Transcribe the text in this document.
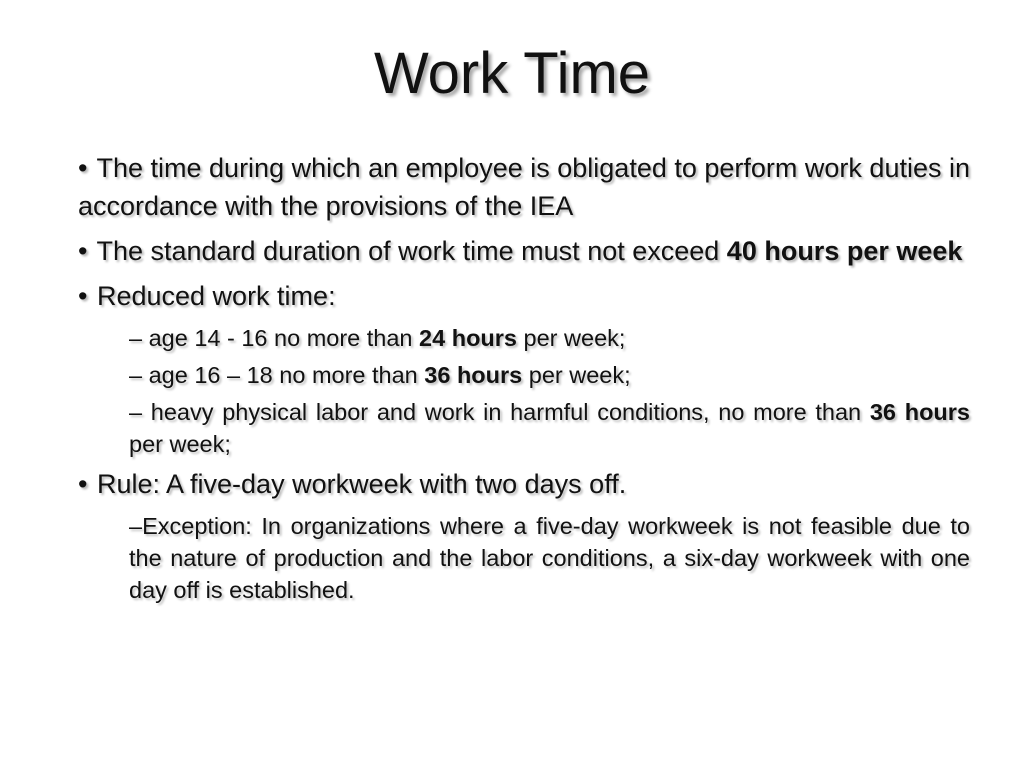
Work Time

• The time during which an employee is obligated to perform work duties in accordance with the provisions of the IEA

• The standard duration of work time must not exceed 40 hours per week

• Reduced work time:

– age 14 - 16 no more than 24 hours per week;

– age 16 – 18 no more than 36 hours per week;

– heavy physical labor and work in harmful conditions, no more than 36 hours per week;

• Rule: A five-day workweek with two days off.

–Exception: In organizations where a five-day workweek is not feasible due to the nature of production and the labor conditions, a six-day workweek with one day off is established.
